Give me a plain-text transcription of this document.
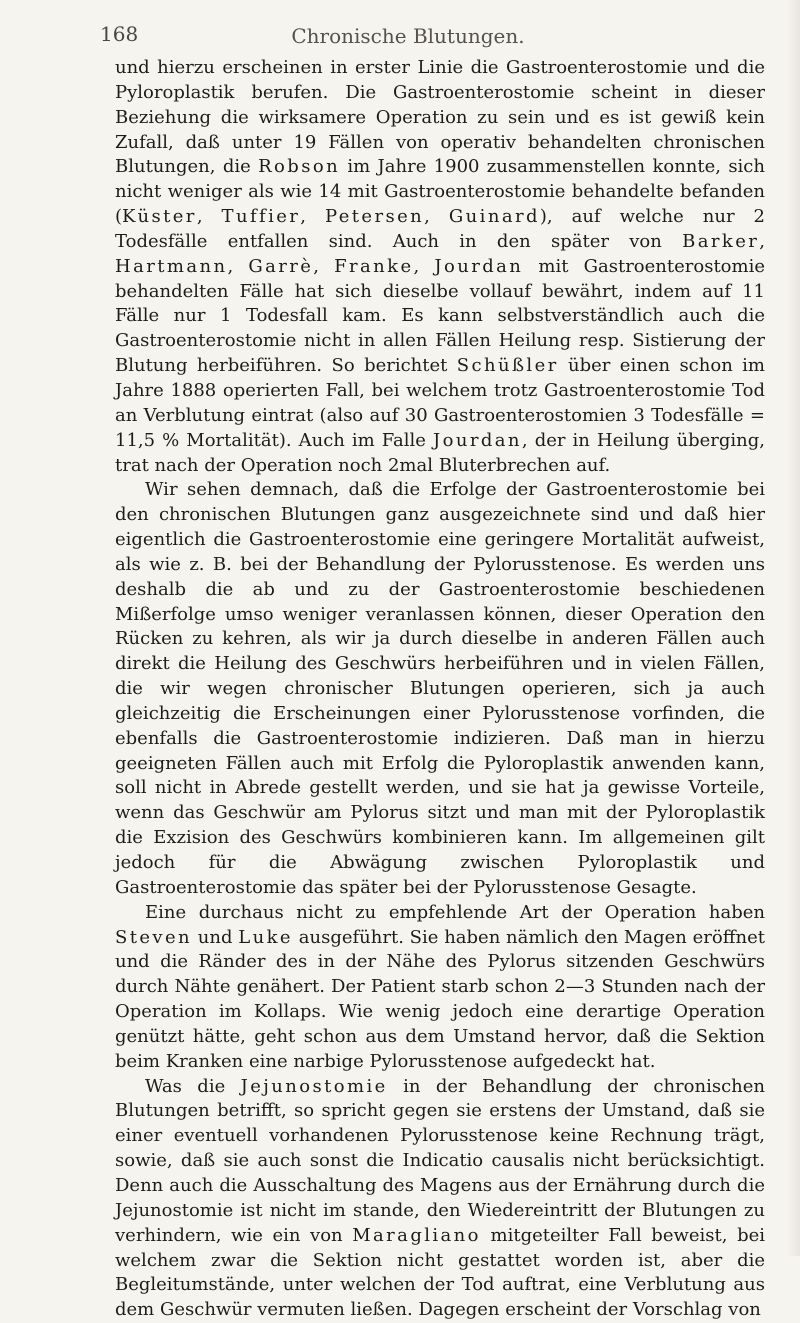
168	Chronische Blutungen.

und hierzu erscheinen in erster Linie die Gastroenterostomie und die Pyloroplastik berufen. Die Gastroenterostomie scheint in dieser Beziehung die wirksamere Operation zu sein und es ist gewiß kein Zufall, daß unter 19 Fällen von operativ behandelten chronischen Blutungen, die Robson im Jahre 1900 zusammenstellen konnte, sich nicht weniger als wie 14 mit Gastroenterostomie behandelte befanden (Küster, Tuffier, Petersen, Guinard), auf welche nur 2 Todesfälle entfallen sind. Auch in den später von Barker, Hartmann, Garrè, Franke, Jourdan mit Gastroenterostomie behandelten Fälle hat sich dieselbe vollauf bewährt, indem auf 11 Fälle nur 1 Todesfall kam. Es kann selbstverständlich auch die Gastroenterostomie nicht in allen Fällen Heilung resp. Sistierung der Blutung herbeiführen. So berichtet Schüßler über einen schon im Jahre 1888 operierten Fall, bei welchem trotz Gastroenterostomie Tod an Verblutung eintrat (also auf 30 Gastroenterostomien 3 Todesfälle = 11,5 % Mortalität). Auch im Falle Jourdan, der in Heilung überging, trat nach der Operation noch 2mal Bluterbrechen auf.

Wir sehen demnach, daß die Erfolge der Gastroenterostomie bei den chronischen Blutungen ganz ausgezeichnete sind und daß hier eigentlich die Gastroenterostomie eine geringere Mortalität aufweist, als wie z. B. bei der Behandlung der Pylorusstenose. Es werden uns deshalb die ab und zu der Gastroenterostomie beschiedenen Mißerfolge umso weniger veranlassen können, dieser Operation den Rücken zu kehren, als wir ja durch dieselbe in anderen Fällen auch direkt die Heilung des Geschwürs herbeiführen und in vielen Fällen, die wir wegen chronischer Blutungen operieren, sich ja auch gleichzeitig die Erscheinungen einer Pylorusstenose vorfinden, die ebenfalls die Gastroenterostomie indizieren. Daß man in hierzu geeigneten Fällen auch mit Erfolg die Pyloroplastik anwenden kann, soll nicht in Abrede gestellt werden, und sie hat ja gewisse Vorteile, wenn das Geschwür am Pylorus sitzt und man mit der Pyloroplastik die Exzision des Geschwürs kombinieren kann. Im allgemeinen gilt jedoch für die Abwägung zwischen Pyloroplastik und Gastroenterostomie das später bei der Pylorusstenose Gesagte.

Eine durchaus nicht zu empfehlende Art der Operation haben Steven und Luke ausgeführt. Sie haben nämlich den Magen eröffnet und die Ränder des in der Nähe des Pylorus sitzenden Geschwürs durch Nähte genähert. Der Patient starb schon 2—3 Stunden nach der Operation im Kollaps. Wie wenig jedoch eine derartige Operation genützt hätte, geht schon aus dem Umstand hervor, daß die Sektion beim Kranken eine narbige Pylorusstenose aufgedeckt hat.

Was die Jejunostomie in der Behandlung der chronischen Blutungen betrifft, so spricht gegen sie erstens der Umstand, daß sie einer eventuell vorhandenen Pylorusstenose keine Rechnung trägt, sowie, daß sie auch sonst die Indicatio causalis nicht berücksichtigt. Denn auch die Ausschaltung des Magens aus der Ernährung durch die Jejunostomie ist nicht im stande, den Wiedereintritt der Blutungen zu verhindern, wie ein von Maragliano mitgeteilter Fall beweist, bei welchem zwar die Sektion nicht gestattet worden ist, aber die Begleitumstände, unter welchen der Tod auftrat, eine Verblutung aus dem Geschwür vermuten ließen. Dagegen erscheint der Vorschlag von
